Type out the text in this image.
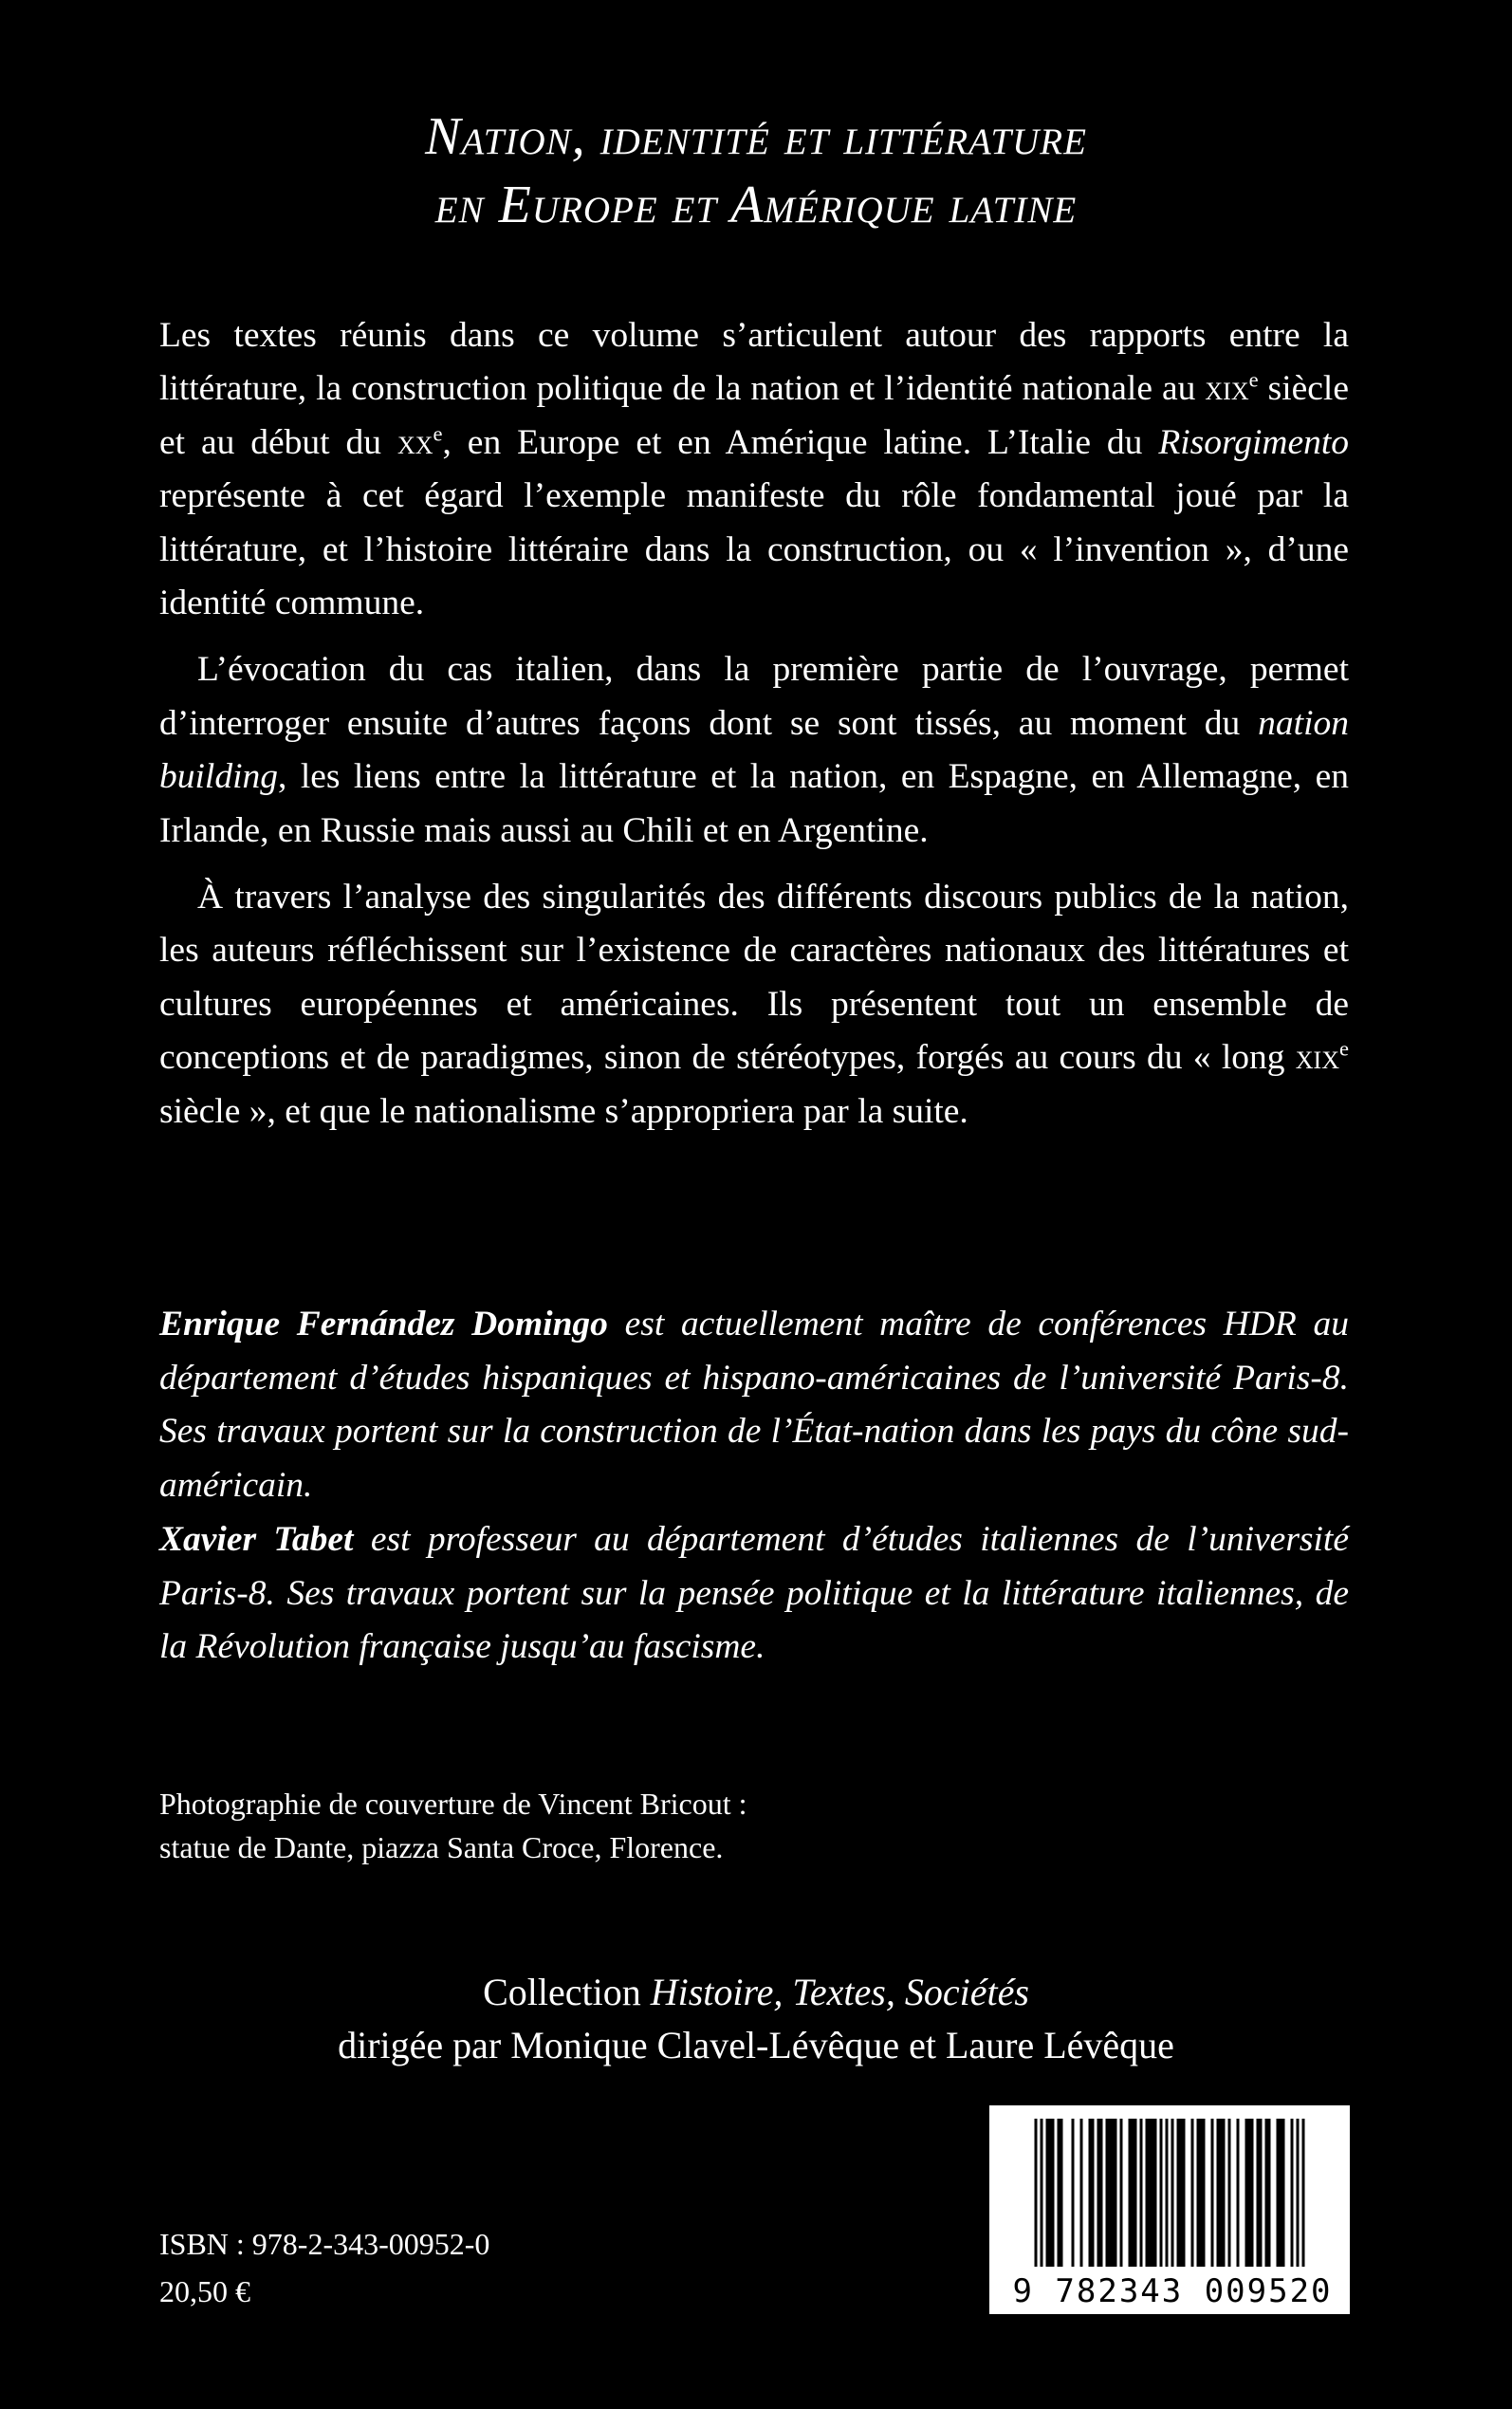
Nation, identité et littérature
en Europe et Amérique latine

Les textes réunis dans ce volume s’articulent autour des rapports entre la littérature, la construction politique de la nation et l’identité nationale au xix$^e$ siècle et au début du $xx^e$, en Europe et en Amérique latine. L’Italie du Risorgimento représente à cet égard l’exemple manifeste du rôle fondamental joué par la littérature, et l’histoire littéraire dans la construction, ou « l’invention », d’une identité commune.

L’évocation du cas italien, dans la première partie de l’ouvrage, permet d’interroger ensuite d’autres façons dont se sont tissés, au moment du nation building, les liens entre la littérature et la nation, en Espagne, en Allemagne, en Irlande, en Russie mais aussi au Chili et en Argentine.

À travers l’analyse des singularités des différents discours publics de la nation, les auteurs réfléchissent sur l’existence de caractères nationaux des littératures et cultures européennes et américaines. Ils présentent tout un ensemble de conceptions et de paradigmes, sinon de stéréotypes, forgés au cours du « long xix$^e$ siècle », et que le nationalisme s’appropriera par la suite.

Enrique Fernández Domingo est actuellement maître de conférences HDR au département d’études hispaniques et hispano-américaines de l’université Paris-8. Ses travaux portent sur la construction de l’État-nation dans les pays du cône sud-américain.
Xavier Tabet est professeur au département d’études italiennes de l’université Paris-8. Ses travaux portent sur la pensée politique et la littérature italiennes, de la Révolution française jusqu’au fascisme.
Photographie de couverture de Vincent Bricout :
statue de Dante, piazza Santa Croce, Florence.
Collection Histoire, Textes, Sociétés
dirigée par Monique Clavel-Lévêque et Laure Lévêque
ISBN : 978-2-343-00952-0
20,50 €	9 782343 009520
